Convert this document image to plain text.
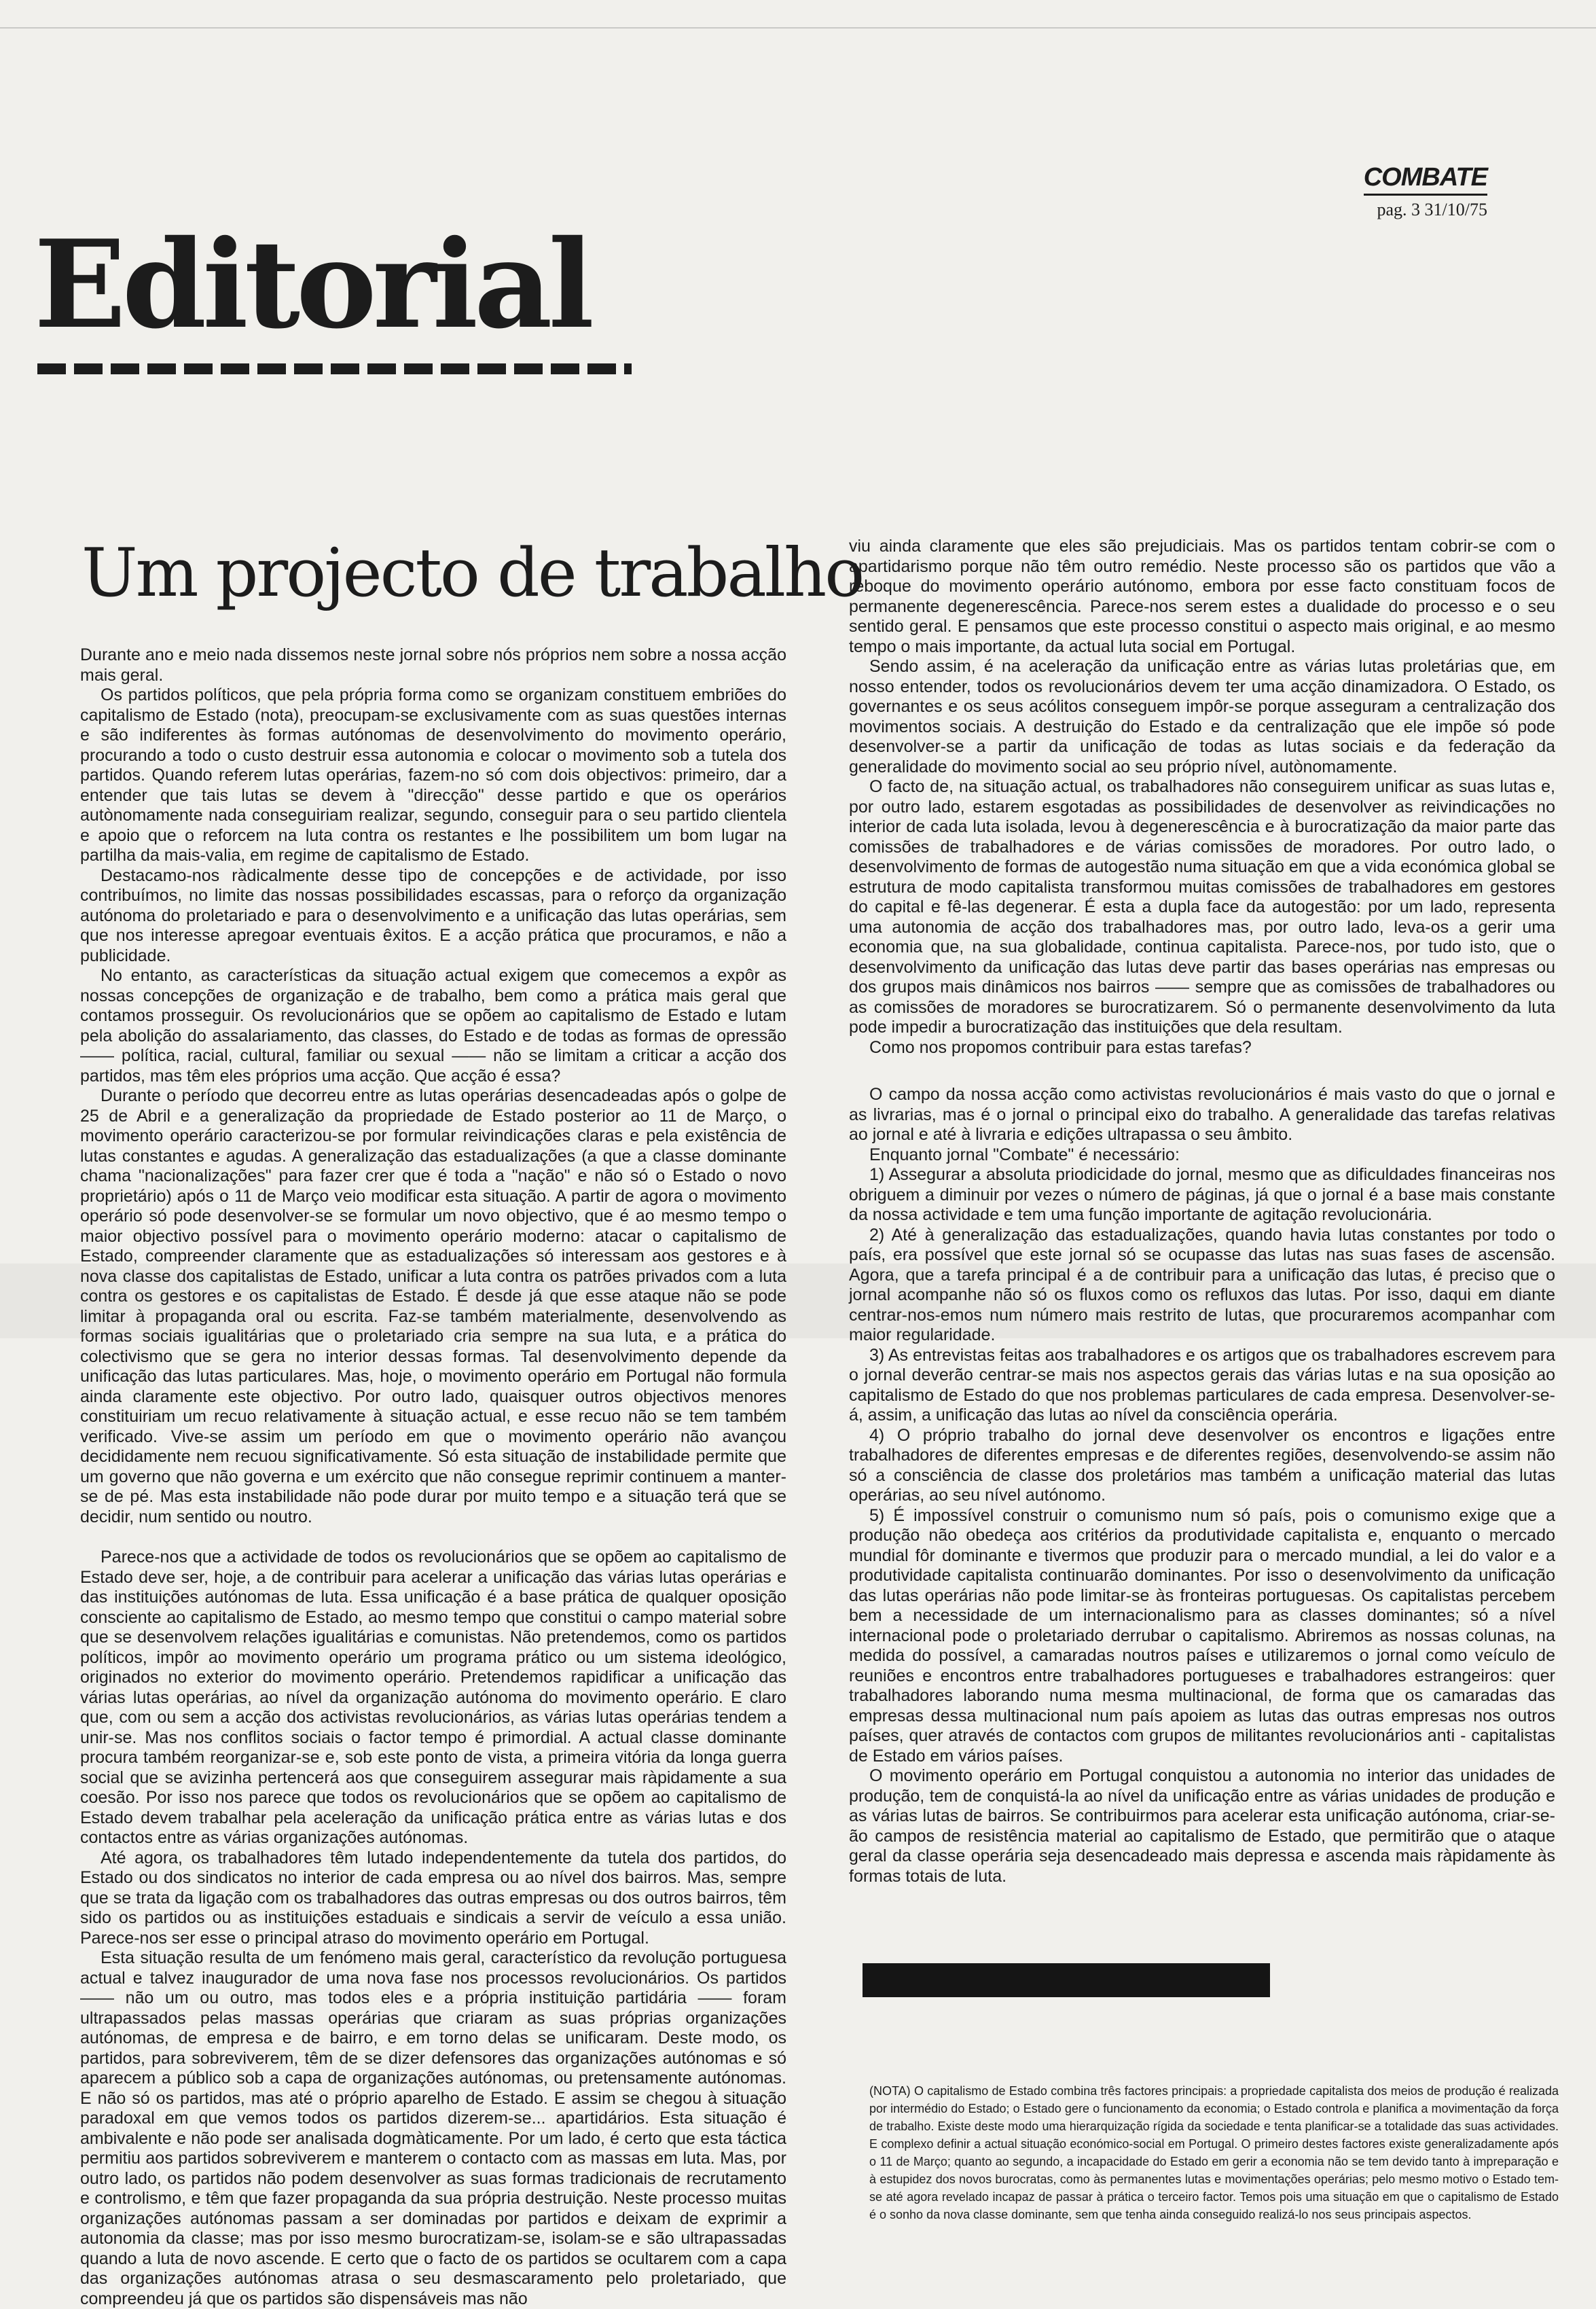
COMBATE
pag. 3 31/10/75
Editorial
Um projecto de trabalho

Durante ano e meio nada dissemos neste jornal sobre nós próprios nem sobre a nossa acção mais geral.

Os partidos políticos, que pela própria forma como se organizam constituem embriões do capitalismo de Estado (nota), preocupam-se exclusivamente com as suas questões internas e são indiferentes às formas autónomas de desenvolvimento do movimento operário, procurando a todo o custo destruir essa autonomia e colocar o movimento sob a tutela dos partidos. Quando referem lutas operárias, fazem-no só com dois objectivos: primeiro, dar a entender que tais lutas se devem à "direcção" desse partido e que os operários autònomamente nada conseguiriam realizar, segundo, conseguir para o seu partido clientela e apoio que o reforcem na luta contra os restantes e lhe possibilitem um bom lugar na partilha da mais-valia, em regime de capitalismo de Estado.

Destacamo-nos ràdicalmente desse tipo de concepções e de actividade, por isso contribuímos, no limite das nossas possibilidades escassas, para o reforço da organização autónoma do proletariado e para o desenvolvimento e a unificação das lutas operárias, sem que nos interesse apregoar eventuais êxitos. E a acção prática que procuramos, e não a publicidade.

No entanto, as características da situação actual exigem que comecemos a expôr as nossas concepções de organização e de trabalho, bem como a prática mais geral que contamos prosseguir. Os revolucionários que se opõem ao capitalismo de Estado e lutam pela abolição do assalariamento, das classes, do Estado e de todas as formas de opressão —— política, racial, cultural, familiar ou sexual —— não se limitam a criticar a acção dos partidos, mas têm eles próprios uma acção. Que acção é essa?

Durante o período que decorreu entre as lutas operárias desencadeadas após o golpe de 25 de Abril e a generalização da propriedade de Estado posterior ao 11 de Março, o movimento operário caracterizou-se por formular reivindicações claras e pela existência de lutas constantes e agudas. A generalização das estadualizações (a que a classe dominante chama "nacionalizações" para fazer crer que é toda a "nação" e não só o Estado o novo proprietário) após o 11 de Março veio modificar esta situação. A partir de agora o movimento operário só pode desenvolver-se se formular um novo objectivo, que é ao mesmo tempo o maior objectivo possível para o movimento operário moderno: atacar o capitalismo de Estado, compreender claramente que as estadualizações só interessam aos gestores e à nova classe dos capitalistas de Estado, unificar a luta contra os patrões privados com a luta contra os gestores e os capitalistas de Estado. É desde já que esse ataque não se pode limitar à propaganda oral ou escrita. Faz-se também materialmente, desenvolvendo as formas sociais igualitárias que o proletariado cria sempre na sua luta, e a prática do colectivismo que se gera no interior dessas formas. Tal desenvolvimento depende da unificação das lutas particulares. Mas, hoje, o movimento operário em Portugal não formula ainda claramente este objectivo. Por outro lado, quaisquer outros objectivos menores constituiriam um recuo relativamente à situação actual, e esse recuo não se tem também verificado. Vive-se assim um período em que o movimento operário não avançou decididamente nem recuou significativamente. Só esta situação de instabilidade permite que um governo que não governa e um exército que não consegue reprimir continuem a manter-se de pé. Mas esta instabilidade não pode durar por muito tempo e a situação terá que se decidir, num sentido ou noutro.

Parece-nos que a actividade de todos os revolucionários que se opõem ao capitalismo de Estado deve ser, hoje, a de contribuir para acelerar a unificação das várias lutas operárias e das instituições autónomas de luta. Essa unificação é a base prática de qualquer oposição consciente ao capitalismo de Estado, ao mesmo tempo que constitui o campo material sobre que se desenvolvem relações igualitárias e comunistas. Não pretendemos, como os partidos políticos, impôr ao movimento operário um programa prático ou um sistema ideológico, originados no exterior do movimento operário. Pretendemos rapidificar a unificação das várias lutas operárias, ao nível da organização autónoma do movimento operário. E claro que, com ou sem a acção dos activistas revolucionários, as várias lutas operárias tendem a unir-se. Mas nos conflitos sociais o factor tempo é primordial. A actual classe dominante procura também reorganizar-se e, sob este ponto de vista, a primeira vitória da longa guerra social que se avizinha pertencerá aos que conseguirem assegurar mais ràpidamente a sua coesão. Por isso nos parece que todos os revolucionários que se opõem ao capitalismo de Estado devem trabalhar pela aceleração da unificação prática entre as várias lutas e dos contactos entre as várias organizações autónomas.

Até agora, os trabalhadores têm lutado independentemente da tutela dos partidos, do Estado ou dos sindicatos no interior de cada empresa ou ao nível dos bairros. Mas, sempre que se trata da ligação com os trabalhadores das outras empresas ou dos outros bairros, têm sido os partidos ou as instituições estaduais e sindicais a servir de veículo a essa união. Parece-nos ser esse o principal atraso do movimento operário em Portugal.

Esta situação resulta de um fenómeno mais geral, característico da revolução portuguesa actual e talvez inaugurador de uma nova fase nos processos revolucionários. Os partidos —— não um ou outro, mas todos eles e a própria instituição partidária —— foram ultrapassados pelas massas operárias que criaram as suas próprias organizações autónomas, de empresa e de bairro, e em torno delas se unificaram. Deste modo, os partidos, para sobreviverem, têm de se dizer defensores das organizações autónomas e só aparecem a público sob a capa de organizações autónomas, ou pretensamente autónomas. E não só os partidos, mas até o próprio aparelho de Estado. E assim se chegou à situação paradoxal em que vemos todos os partidos dizerem-se... apartidários. Esta situação é ambivalente e não pode ser analisada dogmàticamente. Por um lado, é certo que esta táctica permitiu aos partidos sobreviverem e manterem o contacto com as massas em luta. Mas, por outro lado, os partidos não podem desenvolver as suas formas tradicionais de recrutamento e controlismo, e têm que fazer propaganda da sua própria destruição. Neste processo muitas organizações autónomas passam a ser dominadas por partidos e deixam de exprimir a autonomia da classe; mas por isso mesmo burocratizam-se, isolam-se e são ultrapassadas quando a luta de novo ascende. E certo que o facto de os partidos se ocultarem com a capa das organizações autónomas atrasa o seu desmascaramento pelo proletariado, que compreendeu já que os partidos são dispensáveis mas não

viu ainda claramente que eles são prejudiciais. Mas os partidos tentam cobrir-se com o apartidarismo porque não têm outro remédio. Neste processo são os partidos que vão a reboque do movimento operário autónomo, embora por esse facto constituam focos de permanente degenerescência. Parece-nos serem estes a dualidade do processo e o seu sentido geral. E pensamos que este processo constitui o aspecto mais original, e ao mesmo tempo o mais importante, da actual luta social em Portugal.

Sendo assim, é na aceleração da unificação entre as várias lutas proletárias que, em nosso entender, todos os revolucionários devem ter uma acção dinamizadora. O Estado, os governantes e os seus acólitos conseguem impôr-se porque asseguram a centralização dos movimentos sociais. A destruição do Estado e da centralização que ele impõe só pode desenvolver-se a partir da unificação de todas as lutas sociais e da federação da generalidade do movimento social ao seu próprio nível, autònomamente.

O facto de, na situação actual, os trabalhadores não conseguirem unificar as suas lutas e, por outro lado, estarem esgotadas as possibilidades de desenvolver as reivindicações no interior de cada luta isolada, levou à degenerescência e à burocratização da maior parte das comissões de trabalhadores e de várias comissões de moradores. Por outro lado, o desenvolvimento de formas de autogestão numa situação em que a vida económica global se estrutura de modo capitalista transformou muitas comissões de trabalhadores em gestores do capital e fê-las degenerar. É esta a dupla face da autogestão: por um lado, representa uma autonomia de acção dos trabalhadores mas, por outro lado, leva-os a gerir uma economia que, na sua globalidade, continua capitalista. Parece-nos, por tudo isto, que o desenvolvimento da unificação das lutas deve partir das bases operárias nas empresas ou dos grupos mais dinâmicos nos bairros —— sempre que as comissões de trabalhadores ou as comissões de moradores se burocratizarem. Só o permanente desenvolvimento da luta pode impedir a burocratização das instituições que dela resultam.

Como nos propomos contribuir para estas tarefas?

O campo da nossa acção como activistas revolucionários é mais vasto do que o jornal e as livrarias, mas é o jornal o principal eixo do trabalho. A generalidade das tarefas relativas ao jornal e até à livraria e edições ultrapassa o seu âmbito.

Enquanto jornal "Combate" é necessário:

1) Assegurar a absoluta priodicidade do jornal, mesmo que as dificuldades financeiras nos obriguem a diminuir por vezes o número de páginas, já que o jornal é a base mais constante da nossa actividade e tem uma função importante de agitação revolucionária.

2) Até à generalização das estadualizações, quando havia lutas constantes por todo o país, era possível que este jornal só se ocupasse das lutas nas suas fases de ascensão. Agora, que a tarefa principal é a de contribuir para a unificação das lutas, é preciso que o jornal acompanhe não só os fluxos como os refluxos das lutas. Por isso, daqui em diante centrar-nos-emos num número mais restrito de lutas, que procuraremos acompanhar com maior regularidade.

3) As entrevistas feitas aos trabalhadores e os artigos que os trabalhadores escrevem para o jornal deverão centrar-se mais nos aspectos gerais das várias lutas e na sua oposição ao capitalismo de Estado do que nos problemas particulares de cada empresa. Desenvolver-se-á, assim, a unificação das lutas ao nível da consciência operária.

4) O próprio trabalho do jornal deve desenvolver os encontros e ligações entre trabalhadores de diferentes empresas e de diferentes regiões, desenvolvendo-se assim não só a consciência de classe dos proletários mas também a unificação material das lutas operárias, ao seu nível autónomo.

5) É impossível construir o comunismo num só país, pois o comunismo exige que a produção não obedeça aos critérios da produtividade capitalista e, enquanto o mercado mundial fôr dominante e tivermos que produzir para o mercado mundial, a lei do valor e a produtividade capitalista continuarão dominantes. Por isso o desenvolvimento da unificação das lutas operárias não pode limitar-se às fronteiras portuguesas. Os capitalistas percebem bem a necessidade de um internacionalismo para as classes dominantes; só a nível internacional pode o proletariado derrubar o capitalismo. Abriremos as nossas colunas, na medida do possível, a camaradas noutros países e utilizaremos o jornal como veículo de reuniões e encontros entre trabalhadores portugueses e trabalhadores estrangeiros: quer trabalhadores laborando numa mesma multinacional, de forma que os camaradas das empresas dessa multinacional num país apoiem as lutas das outras empresas nos outros países, quer através de contactos com grupos de militantes revolucionários anti - capitalistas de Estado em vários países.

O movimento operário em Portugal conquistou a autonomia no interior das unidades de produção, tem de conquistá-la ao nível da unificação entre as várias unidades de produção e as várias lutas de bairros. Se contribuirmos para acelerar esta unificação autónoma, criar-se-ão campos de resistência material ao capitalismo de Estado, que permitirão que o ataque geral da classe operária seja desencadeado mais depressa e ascenda mais ràpidamente às formas totais de luta.

(NOTA) O capitalismo de Estado combina três factores principais: a propriedade capitalista dos meios de produção é realizada por intermédio do Estado; o Estado gere o funcionamento da economia; o Estado controla e planifica a movimentação da força de trabalho. Existe deste modo uma hierarquização rígida da sociedade e tenta planificar-se a totalidade das suas actividades. E complexo definir a actual situação económico-social em Portugal. O primeiro destes factores existe generalizadamente após o 11 de Março; quanto ao segundo, a incapacidade do Estado em gerir a economia não se tem devido tanto à impreparação e à estupidez dos novos burocratas, como às permanentes lutas e movimentações operárias; pelo mesmo motivo o Estado tem-se até agora revelado incapaz de passar à prática o terceiro factor. Temos pois uma situação em que o capitalismo de Estado é o sonho da nova classe dominante, sem que tenha ainda conseguido realizá-lo nos seus principais aspectos.
